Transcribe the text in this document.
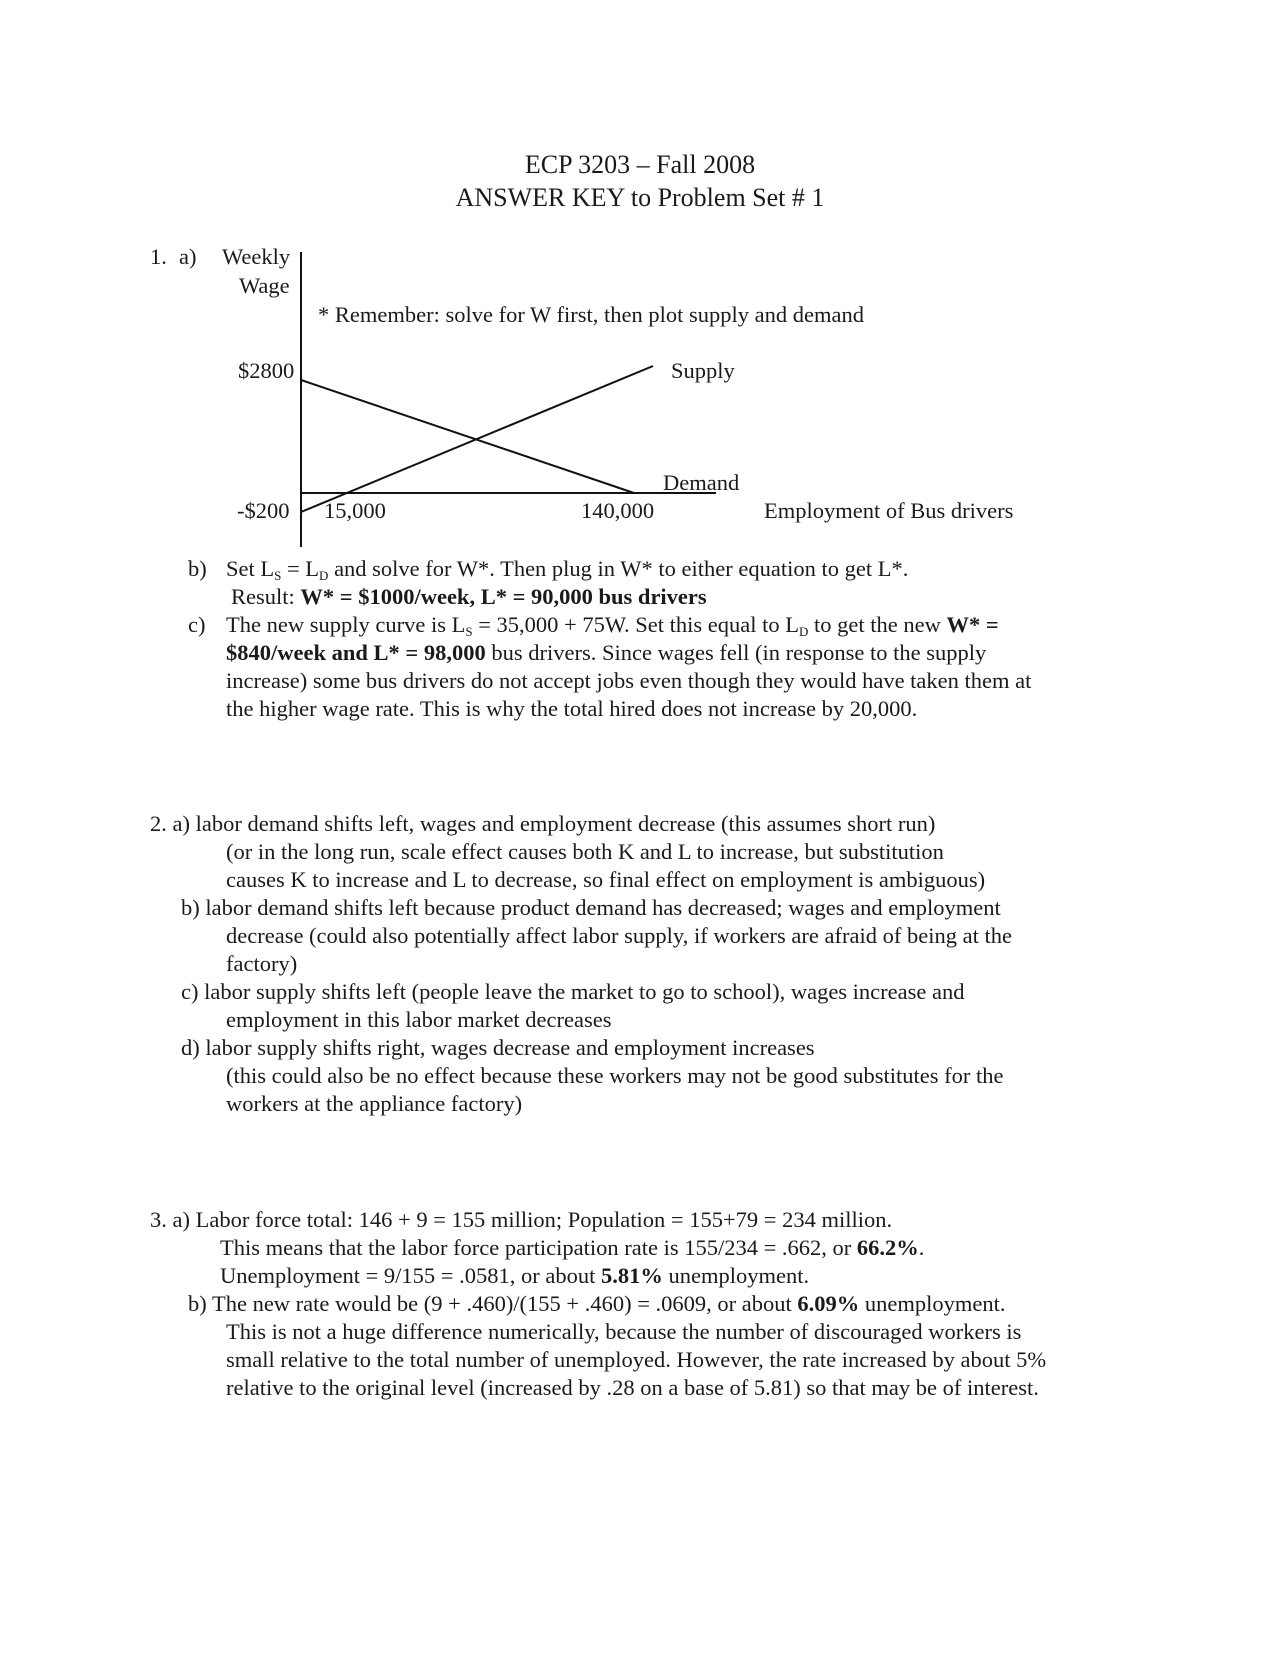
ECP 3203 – Fall 2008
ANSWER KEY to Problem Set # 1
1. a) Weekly
Wage
* Remember: solve for W first, then plot supply and demand
$2800
-$200 15,000	140,000	Employment of Bus drivers
Supply
Demand
b) Set $L_S = L_D$ and solve for W*. Then plug in W* to either equation to get L*.
Result: W* = $1000/week, L* = 90,000 bus drivers
c) The new supply curve is $L_S = 35,000 + 75W$. Set this equal to $L_D$ to get the new W* =
$840/week and L* = 98,000 bus drivers. Since wages fell (in response to the supply
increase) some bus drivers do not accept jobs even though they would have taken them at
the higher wage rate. This is why the total hired does not increase by 20,000.
2. a) labor demand shifts left, wages and employment decrease (this assumes short run)
(or in the long run, scale effect causes both K and L to increase, but substitution
causes K to increase and L to decrease, so final effect on employment is ambiguous)
b) labor demand shifts left because product demand has decreased; wages and employment
decrease (could also potentially affect labor supply, if workers are afraid of being at the
factory)
c) labor supply shifts left (people leave the market to go to school), wages increase and
employment in this labor market decreases
d) labor supply shifts right, wages decrease and employment increases
(this could also be no effect because these workers may not be good substitutes for the
workers at the appliance factory)
3. a) Labor force total: 146 + 9 = 155 million; Population = 155+79 = 234 million.
This means that the labor force participation rate is 155/234 = .662, or 66.2%.
Unemployment = 9/155 = .0581, or about 5.81% unemployment.
b) The new rate would be (9 + .460)/(155 + .460) = .0609, or about 6.09% unemployment.
This is not a huge difference numerically, because the number of discouraged workers is
small relative to the total number of unemployed. However, the rate increased by about 5%
relative to the original level (increased by .28 on a base of 5.81) so that may be of interest.
